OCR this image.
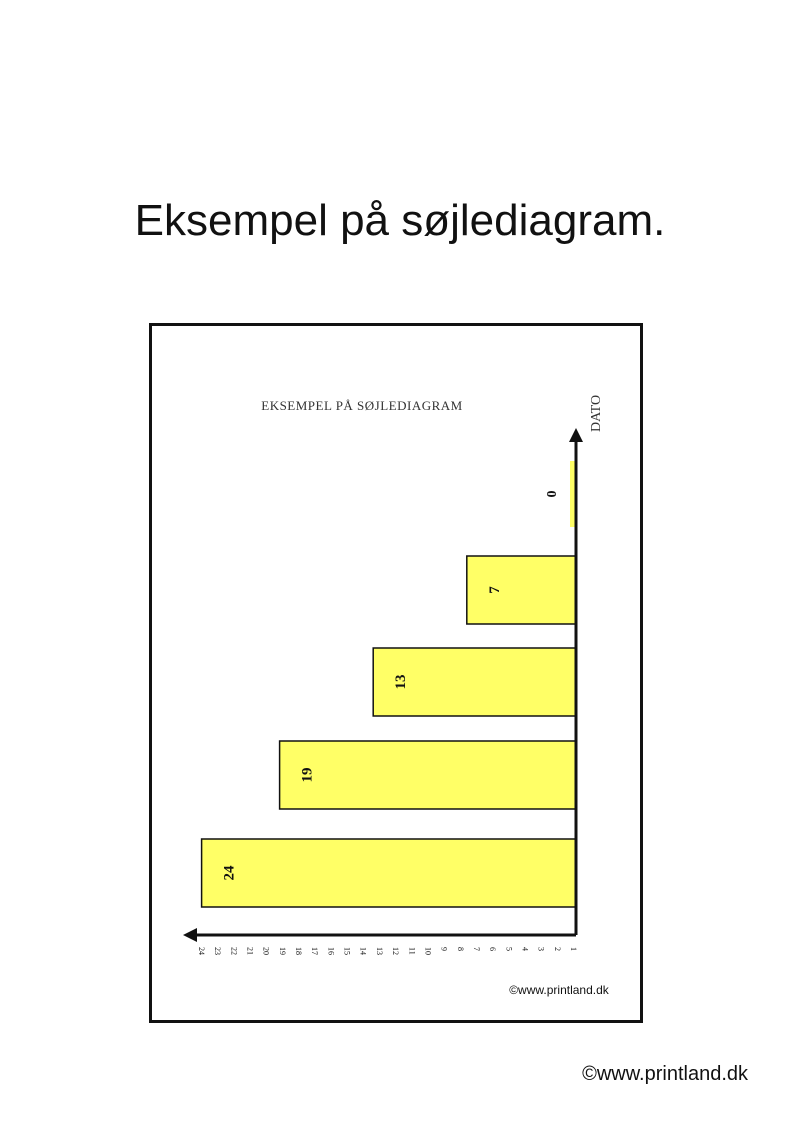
Eksempel på søjlediagram.
EKSEMPEL PÅ SØJLEDIAGRAM	DATO
24
19
13
7
0
24 23 22 21 20 19 18 17 16 15 14 13 12 11 10 9 8 7 6 5 4 3 2 1
©www.printland.dk
©www.printland.dk
